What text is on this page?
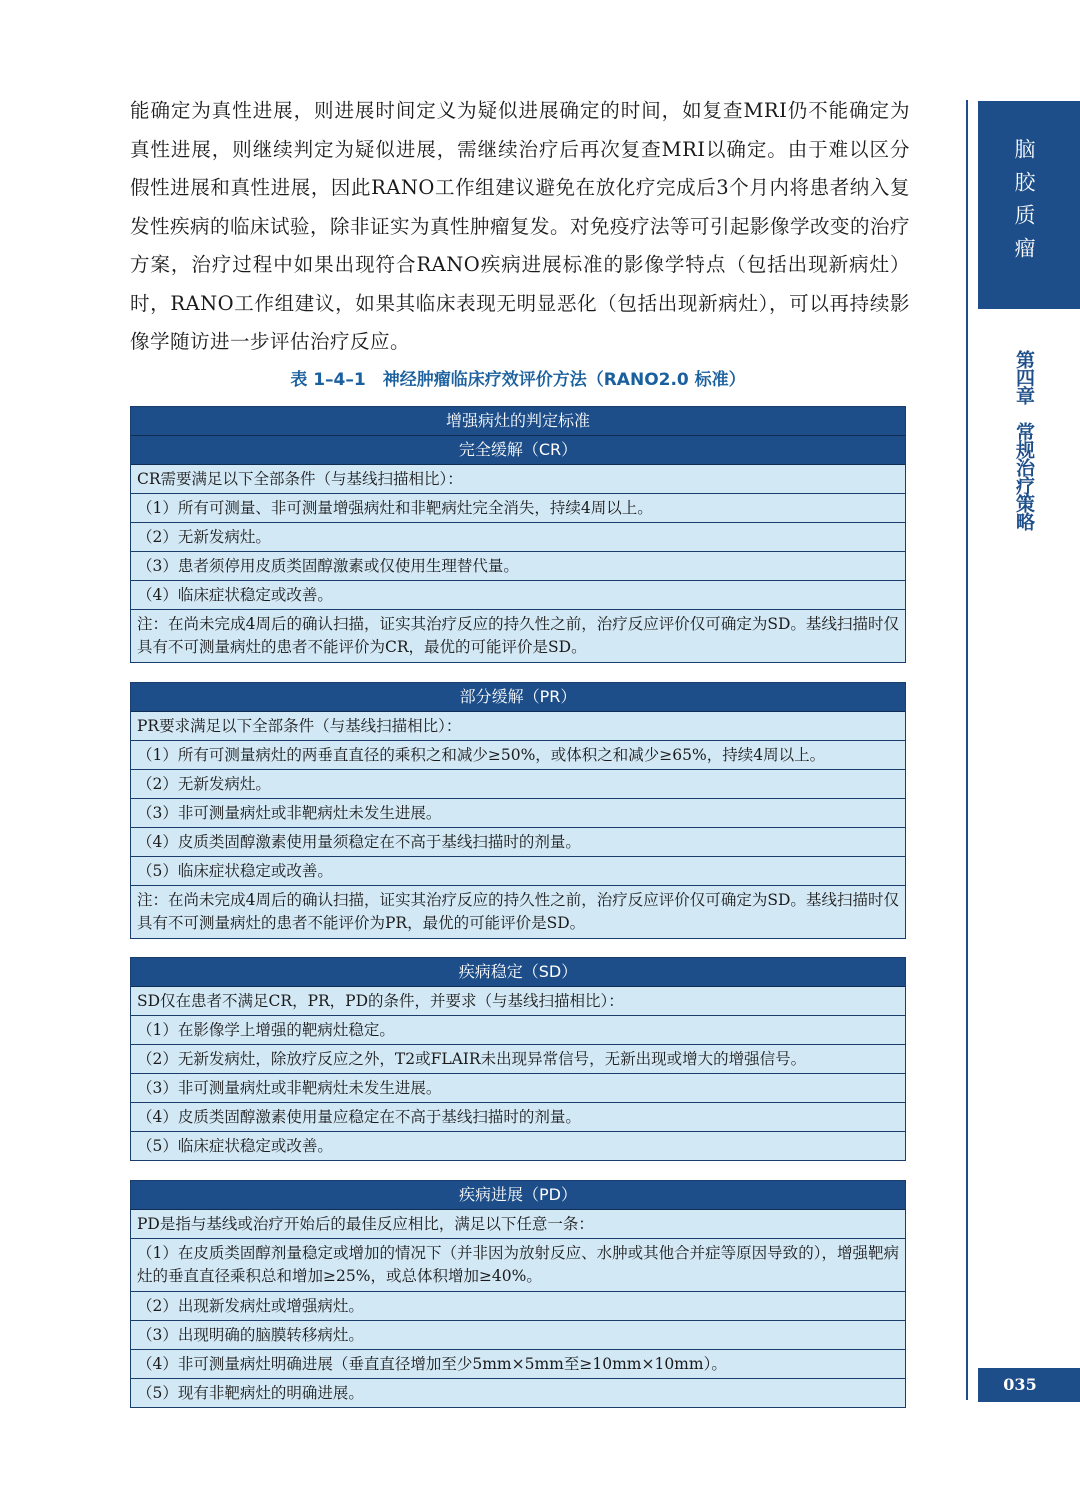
能确定为真性进展，则进展时间定义为疑似进展确定的时间，如复查MRI仍不能确定为真性进展，则继续判定为疑似进展，需继续治疗后再次复查MRI以确定。由于难以区分假性进展和真性进展，因此RANO工作组建议避免在放化疗完成后3个月内将患者纳入复发性疾病的临床试验，除非证实为真性肿瘤复发。对免疫疗法等可引起影像学改变的治疗方案，治疗过程中如果出现符合RANO疾病进展标准的影像学特点（包括出现新病灶）时，RANO工作组建议，如果其临床表现无明显恶化（包括出现新病灶），可以再持续影像学随访进一步评估治疗反应。

表 1–4–1　神经肿瘤临床疗效评价方法（RANO2.0 标准）
增强病灶的判定标准
完全缓解（CR）
CR需要满足以下全部条件（与基线扫描相比）：
（1）所有可测量、非可测量增强病灶和非靶病灶完全消失，持续4周以上。
（2）无新发病灶。
（3）患者须停用皮质类固醇激素或仅使用生理替代量。
（4）临床症状稳定或改善。
注：在尚未完成4周后的确认扫描，证实其治疗反应的持久性之前，治疗反应评价仅可确定为SD。基线扫描时仅具有不可测量病灶的患者不能评价为CR，最优的可能评价是SD。
部分缓解（PR）
PR要求满足以下全部条件（与基线扫描相比）：
（1）所有可测量病灶的两垂直直径的乘积之和减少≥50%，或体积之和减少≥65%，持续4周以上。
（2）无新发病灶。
（3）非可测量病灶或非靶病灶未发生进展。
（4）皮质类固醇激素使用量须稳定在不高于基线扫描时的剂量。
（5）临床症状稳定或改善。
注：在尚未完成4周后的确认扫描，证实其治疗反应的持久性之前，治疗反应评价仅可确定为SD。基线扫描时仅具有不可测量病灶的患者不能评价为PR，最优的可能评价是SD。
疾病稳定（SD）
SD仅在患者不满足CR，PR，PD的条件，并要求（与基线扫描相比）：
（1）在影像学上增强的靶病灶稳定。
（2）无新发病灶，除放疗反应之外，T2或FLAIR未出现异常信号，无新出现或增大的增强信号。
（3）非可测量病灶或非靶病灶未发生进展。
（4）皮质类固醇激素使用量应稳定在不高于基线扫描时的剂量。
（5）临床症状稳定或改善。
疾病进展（PD）
PD是指与基线或治疗开始后的最佳反应相比，满足以下任意一条：
（1）在皮质类固醇剂量稳定或增加的情况下（并非因为放射反应、水肿或其他合并症等原因导致的），增强靶病灶的垂直直径乘积总和增加≥25%，或总体积增加≥40%。
（2）出现新发病灶或增强病灶。
（3）出现明确的脑膜转移病灶。
（4）非可测量病灶明确进展（垂直直径增加至少5mm×5mm至≥10mm×10mm）。
（5）现有非靶病灶的明确进展。
脑胶质瘤
第四章　常规治疗策略
035
